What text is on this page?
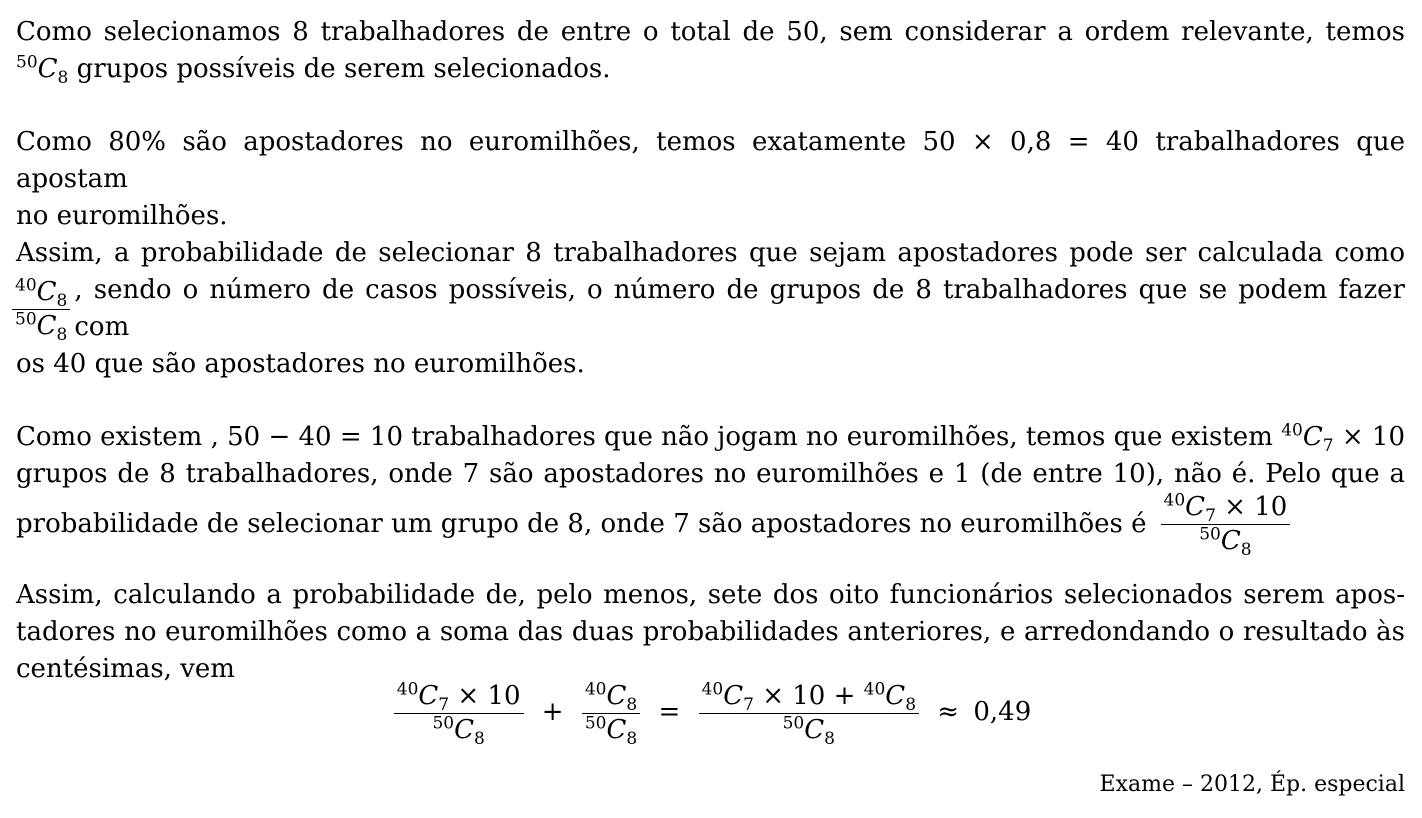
Como selecionamos 8 trabalhadores de entre o total de 50, sem considerar a ordem relevante, temos $^{50}C_8$ grupos possíveis de serem selecionados.
Como 80% são apostadores no euromilhões, temos exatamente 50 × 0,8 = 40 trabalhadores que apostam
no euromilhões.
Assim, a probabilidade de selecionar 8 trabalhadores que sejam apostadores pode ser calculada como
$\frac{^{40}C_8}{^{50}C_8}$ , sendo o número de casos possíveis, o número de grupos de 8 trabalhadores que se podem fazer com
os 40 que são apostadores no euromilhões.
Como existem , 50 − 40 = 10 trabalhadores que não jogam no euromilhões, temos que existem $^{40}C_7 \times 10$
grupos de 8 trabalhadores, onde 7 são apostadores no euromilhões e 1 (de entre 10), não é. Pelo que a
probabilidade de selecionar um grupo de 8, onde 7 são apostadores no euromilhões é $\frac{^{40}C_7 \times 10}{^{50}C_8}$
Assim, calculando a probabilidade de, pelo menos, sete dos oito funcionários selecionados serem apos-
tadores no euromilhões como a soma das duas probabilidades anteriores, e arredondando o resultado às
centésimas, vem
$\frac{^{40}C_7 \times 10}{^{50}C_8} + \frac{^{40}C_8}{^{50}C_8} = \frac{^{40}C_7 \times 10 + ^{40}C_8}{^{50}C_8} \approx 0,49$
Exame – 2012, Ép. especial
